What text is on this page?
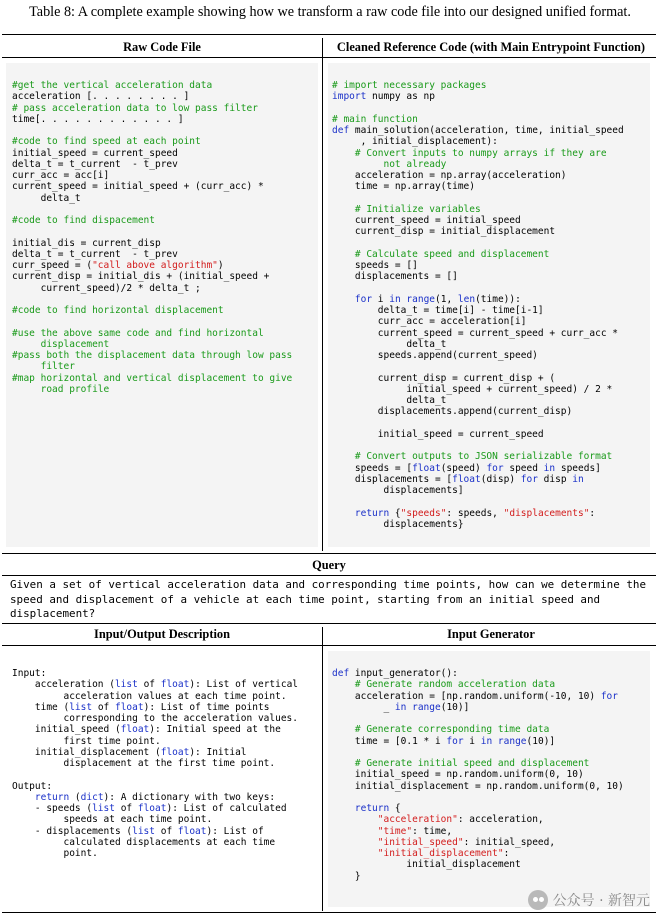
Table 8: A complete example showing how we transform a raw code file into our designed unified format.
Raw Code File	Cleaned Reference Code (with Main Entrypoint Function)
#get the vertical acceleration data
acceleration [. . . . . . . . ]
# pass acceleration data to low pass filter
time[. . . . . . . . . . . . ]

#code to find speed at each point
initial_speed = current_speed
delta_t = t_current  - t_prev
curr_acc = acc[i]
current_speed = initial_speed + (curr_acc) *
delta_t

#code to find dispacement

initial_dis = current_disp
delta_t = t_current  - t_prev
curr_speed = ("call above algorithm")
current_disp = initial_dis + (initial_speed +
current_speed)/2 * delta_t ;

#code to find horizontal displacement

#use the above same code and find horizontal
displacement
#pass both the displacement data through low pass
filter
#map horizontal and vertical displacement to give
road profile
# import necessary packages
import numpy as np

# main function
def main_solution(acceleration, time, initial_speed
, initial_displacement):
# Convert inputs to numpy arrays if they are
not already
acceleration = np.array(acceleration)
time = np.array(time)

# Initialize variables
current_speed = initial_speed
current_disp = initial_displacement

# Calculate speed and displacement
speeds = []
displacements = []

for i in range(1, len(time)):
delta_t = time[i] - time[i-1]
curr_acc = acceleration[i]
current_speed = current_speed + curr_acc *
delta_t
speeds.append(current_speed)

current_disp = current_disp + (
initial_speed + current_speed) / 2 *
delta_t
displacements.append(current_disp)

initial_speed = current_speed

# Convert outputs to JSON serializable format
speeds = [float(speed) for speed in speeds]
displacements = [float(disp) for disp in
displacements]

return {"speeds": speeds, "displacements":
displacements}
Query
Given a set of vertical acceleration data and corresponding time points, how can we determine the speed and displacement of a vehicle at each time point, starting from an initial speed and displacement?
Input/Output Description	Input Generator
Input:
acceleration (list of float): List of vertical
acceleration values at each time point.
time (list of float): List of time points
corresponding to the acceleration values.
initial_speed (float): Initial speed at the
first time point.
initial_displacement (float): Initial
displacement at the first time point.

Output:
return (dict): A dictionary with two keys:
- speeds (list of float): List of calculated
speeds at each time point.
- displacements (list of float): List of
calculated displacements at each time
point.
def input_generator():
# Generate random acceleration data
acceleration = [np.random.uniform(-10, 10) for
_ in range(10)]

# Generate corresponding time data
time = [0.1 * i for i in range(10)]

# Generate initial speed and displacement
initial_speed = np.random.uniform(0, 10)
initial_displacement = np.random.uniform(0, 10)

return {
"acceleration": acceleration,
"time": time,
"initial_speed": initial_speed,
"initial_displacement":
initial_displacement
}
公众号 · 新智元
